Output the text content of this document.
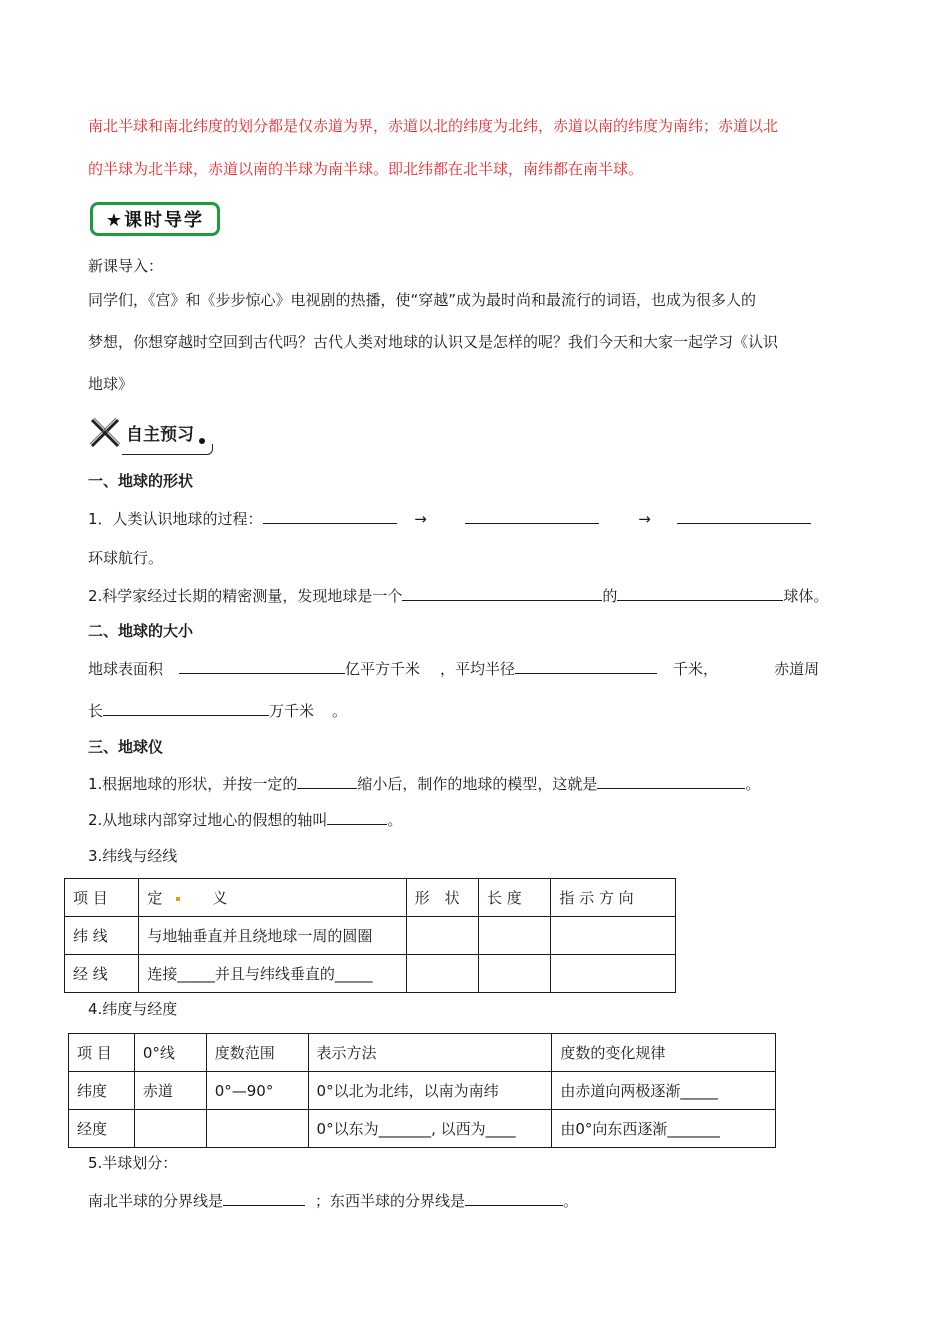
南北半球和南北纬度的划分都是仅赤道为界，赤道以北的纬度为北纬，赤道以南的纬度为南纬；赤道以北
的半球为北半球，赤道以南的半球为南半球。即北纬都在北半球，南纬都在南半球。
★课时导学
新课导入：
同学们，《宫》和《步步惊心》电视剧的热播，使“穿越”成为最时尚和最流行的词语，也成为很多人的
梦想，你想穿越时空回到古代吗？古代人类对地球的认识又是怎样的呢？我们今天和大家一起学习《认识
地球》
自主预习
一、地球的形状
1．人类认识地球的过程：	→	→
环球航行。
2.科学家经过长期的精密测量，发现地球是一个	的	球体。
二、地球的大小
地球表面积	亿平方千米 ，平均半径	千米，	赤道周
长	万千米 。
三、地球仪
1.根据地球的形状，并按一定的	缩小后，制作的地球的模型，这就是	。
2.从地球内部穿过地心的假想的轴叫	。
3.纬线与经线
项 目	定 义	形　状	长 度	指 示 方 向
纬 线	与地轴垂直并且绕地球一周的圆圈			
经 线	连接_____并且与纬线垂直的_____			
4.纬度与经度
项 目	0°线	度数范围	表示方法	度数的变化规律
纬度	赤道	0°—90°	0°以北为北纬，以南为南纬	由赤道向两极逐渐_____
经度			0°以东为_______, 以西为____	由0°向东西逐渐_______
5.半球划分：
南北半球的分界线是	；东西半球的分界线是	。
